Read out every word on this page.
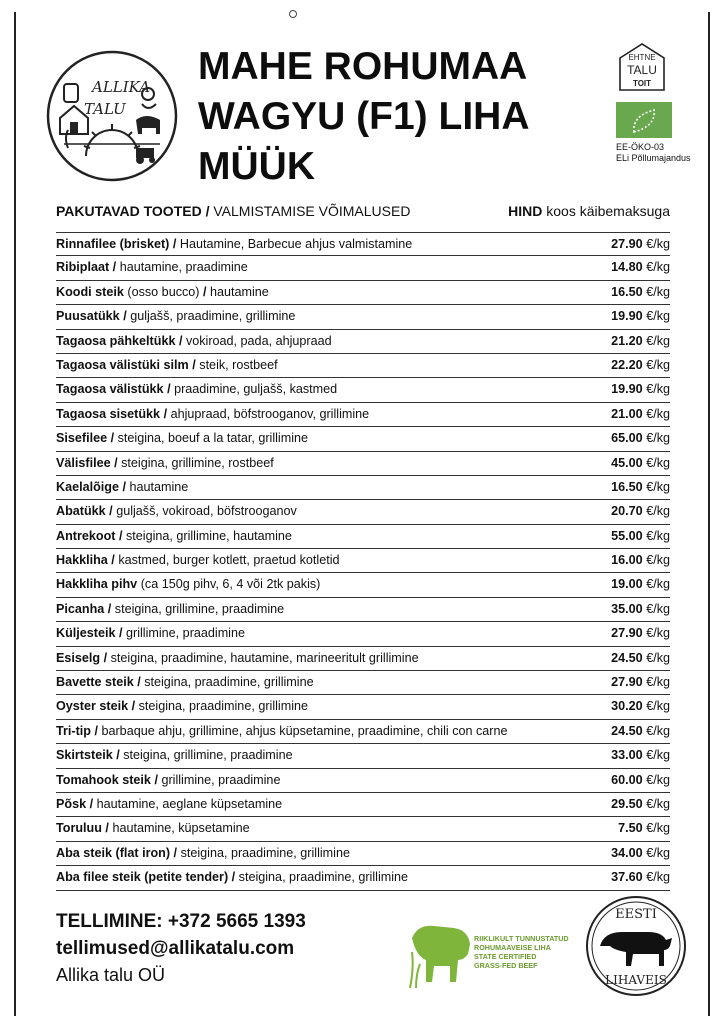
ALLIKA
TALU
MAHE ROHUMAA
WAGYU (F1) LIHA
MÜÜK
EHTNE
TALU
TOIT
EE-ÖKO-03
ELi Põllumajandus
PAKUTAVAD TOOTED / VALMISTAMISE VÕIMALUSED	HIND koos käibemaksuga
Rinnafilee (brisket) / Hautamine, Barbecue ahjus valmistamine	27.90 €/kg
Ribiplaat / hautamine, praadimine	14.80 €/kg
Koodi steik (osso bucco) / hautamine	16.50 €/kg
Puusatükk / guljašš, praadimine, grillimine	19.90 €/kg
Tagaosa pähkeltükk / vokiroad, pada, ahjupraad	21.20 €/kg
Tagaosa välistüki silm / steik, rostbeef	22.20 €/kg
Tagaosa välistükk / praadimine, guljašš, kastmed	19.90 €/kg
Tagaosa sisetükk / ahjupraad, böfstrooganov, grillimine	21.00 €/kg
Sisefilee / steigina, boeuf a la tatar, grillimine	65.00 €/kg
Välisfilee / steigina, grillimine, rostbeef	45.00 €/kg
Kaelalõige / hautamine	16.50 €/kg
Abatükk / guljašš, vokiroad, böfstrooganov	20.70 €/kg
Antrekoot / steigina, grillimine, hautamine	55.00 €/kg
Hakkliha / kastmed, burger kotlett, praetud kotletid	16.00 €/kg
Hakkliha pihv (ca 150g pihv, 6, 4 või 2tk pakis)	19.00 €/kg
Picanha / steigina, grillimine, praadimine	35.00 €/kg
Küljesteik / grillimine, praadimine	27.90 €/kg
Esiselg / steigina, praadimine, hautamine, marineeritult grillimine	24.50 €/kg
Bavette steik / steigina, praadimine, grillimine	27.90 €/kg
Oyster steik / steigina, praadimine, grillimine	30.20 €/kg
Tri-tip / barbaque ahju, grillimine, ahjus küpsetamine, praadimine, chili con carne	24.50 €/kg
Skirtsteik / steigina, grillimine, praadimine	33.00 €/kg
Tomahook steik / grillimine, praadimine	60.00 €/kg
Põsk / hautamine, aeglane küpsetamine	29.50 €/kg
Toruluu / hautamine, küpsetamine	7.50 €/kg
Aba steik (flat iron) / steigina, praadimine, grillimine	34.00 €/kg
Aba filee steik (petite tender) / steigina, praadimine, grillimine	37.60 €/kg
TELLIMINE: +372 5665 1393
tellimused@allikatalu.com
Allika talu OÜ
RIIKLIKULT TUNNUSTATUD
ROHUMAAVEISE LIHA
STATE CERTIFIED
GRASS-FED BEEF
EESTI
LIHAVEIS
